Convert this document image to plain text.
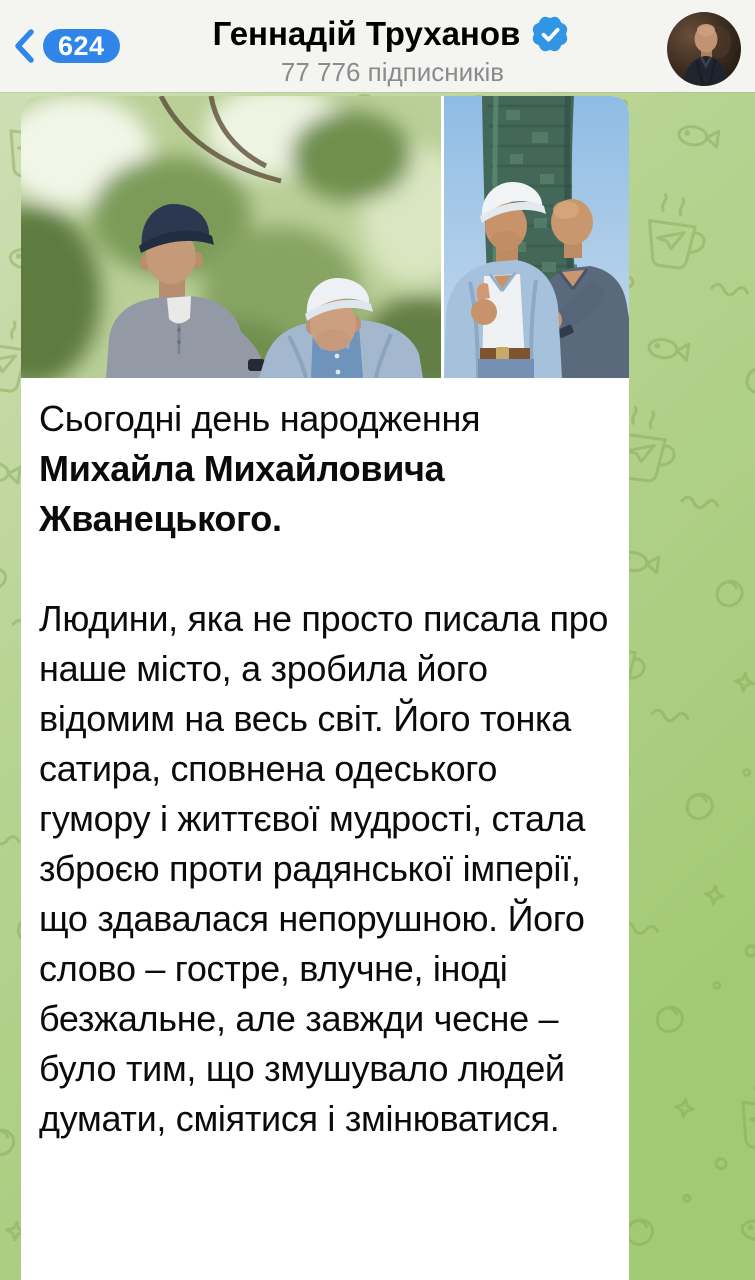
Сьогодні день народження Михайла Михайловича Жванецького.

Людини, яка не просто писала про наше місто, а зробила його відомим на весь світ. Його тонка сатира, сповнена одеського гумору і життєвої мудрості, стала зброєю проти радянської імперії, що здавалася непорушною. Його слово – гостре, влучне, іноді безжальне, але завжди чесне – було тим, що змушувало людей думати, сміятися і змінюватися.

624	Геннадій Труханов
77 776 підписників
